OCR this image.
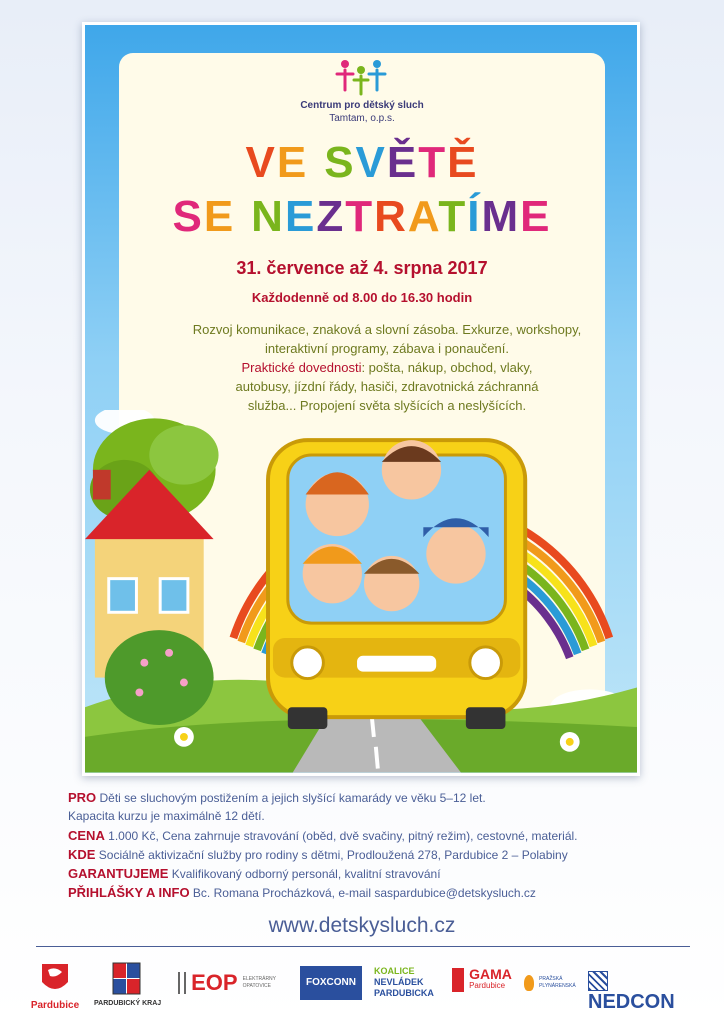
Centrum pro dětský sluch
Tamtam, o.p.s.
VE SVĚTĚ
SE NEZTRATÍME
31. července až 4. srpna 2017
Každodenně od 8.00 do 16.30 hodin
Rozvoj komunikace, znaková a slovní zásoba. Exkurze, workshopy,
interaktivní programy, zábava i ponaučení.
Praktické dovednosti: pošta, nákup, obchod, vlaky,
autobusy, jízdní řády, hasiči, zdravotnická záchranná
služba... Propojení světa slyšících a neslyšících.
PRO Děti se sluchovým postižením a jejich slyšící kamarády ve věku 5–12 let.
Kapacita kurzu je maximálně 12 dětí.
CENA 1.000 Kč, Cena zahrnuje stravování (oběd, dvě svačiny, pitný režim), cestovné, materiál.
KDE Sociálně aktivizační služby pro rodiny s dětmi, Prodloužená 278, Pardubice 2 – Polabiny
GARANTUJEME Kvalifikovaný odborný personál, kvalitní stravování
PŘIHLÁŠKY A INFO Bc. Romana Procházková, e-mail saspardubice@detskysluch.cz
www.detskysluch.cz
Pardubice PARDUBICKÝ KRAJ
EOP ELEKTRÁRNY
OPATOVICE	FOXCONN
KOALICE
NEVLÁDEK
PARDUBICKA

GAMA
Pardubice

PRAŽSKÁ
PLYNÁRENSKÁ
NEDCON
